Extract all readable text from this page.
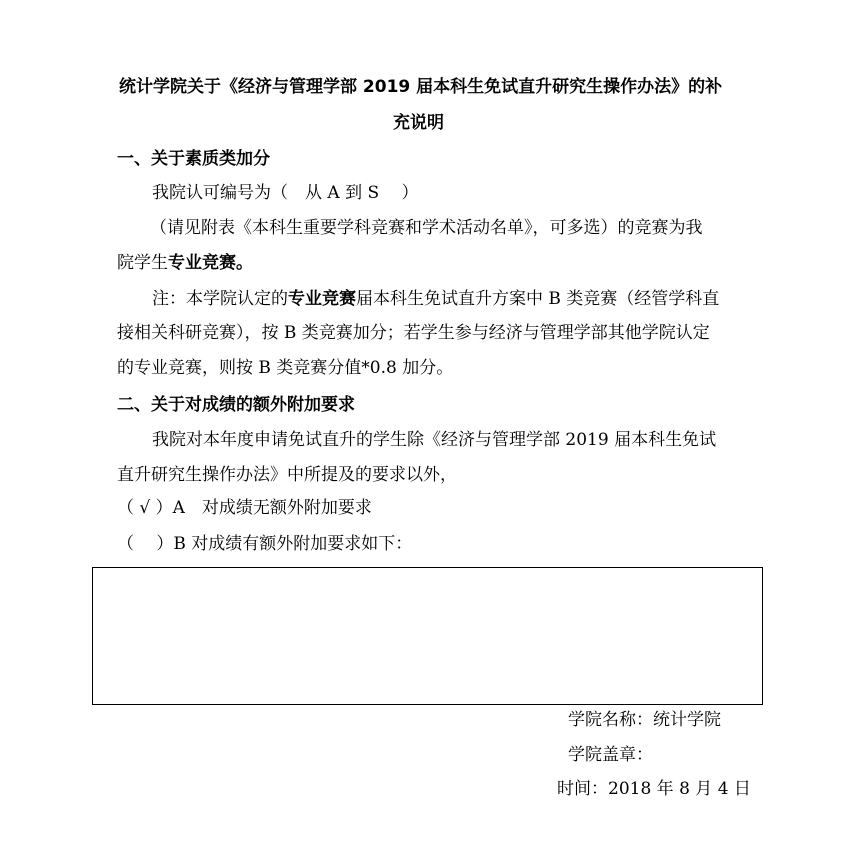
统计学院关于《经济与管理学部 2019 届本科生免试直升研究生操作办法》的补
充说明
一、关于素质类加分
我院认可编号为（　从 A 到 S　 ）
（请见附表《本科生重要学科竞赛和学术活动名单》，可多选）的竞赛为我
院学生专业竞赛。
注：本学院认定的专业竞赛届本科生免试直升方案中 B 类竞赛（经管学科直
接相关科研竞赛），按 B 类竞赛加分；若学生参与经济与管理学部其他学院认定
的专业竞赛，则按 B 类竞赛分值*0.8 加分。
二、关于对成绩的额外附加要求
我院对本年度申请免试直升的学生除《经济与管理学部 2019 届本科生免试
直升研究生操作办法》中所提及的要求以外，
（ √ ）A　对成绩无额外附加要求
（　 ）B 对成绩有额外附加要求如下：
学院名称：统计学院
学院盖章：
时间：2018 年 8 月 4 日
